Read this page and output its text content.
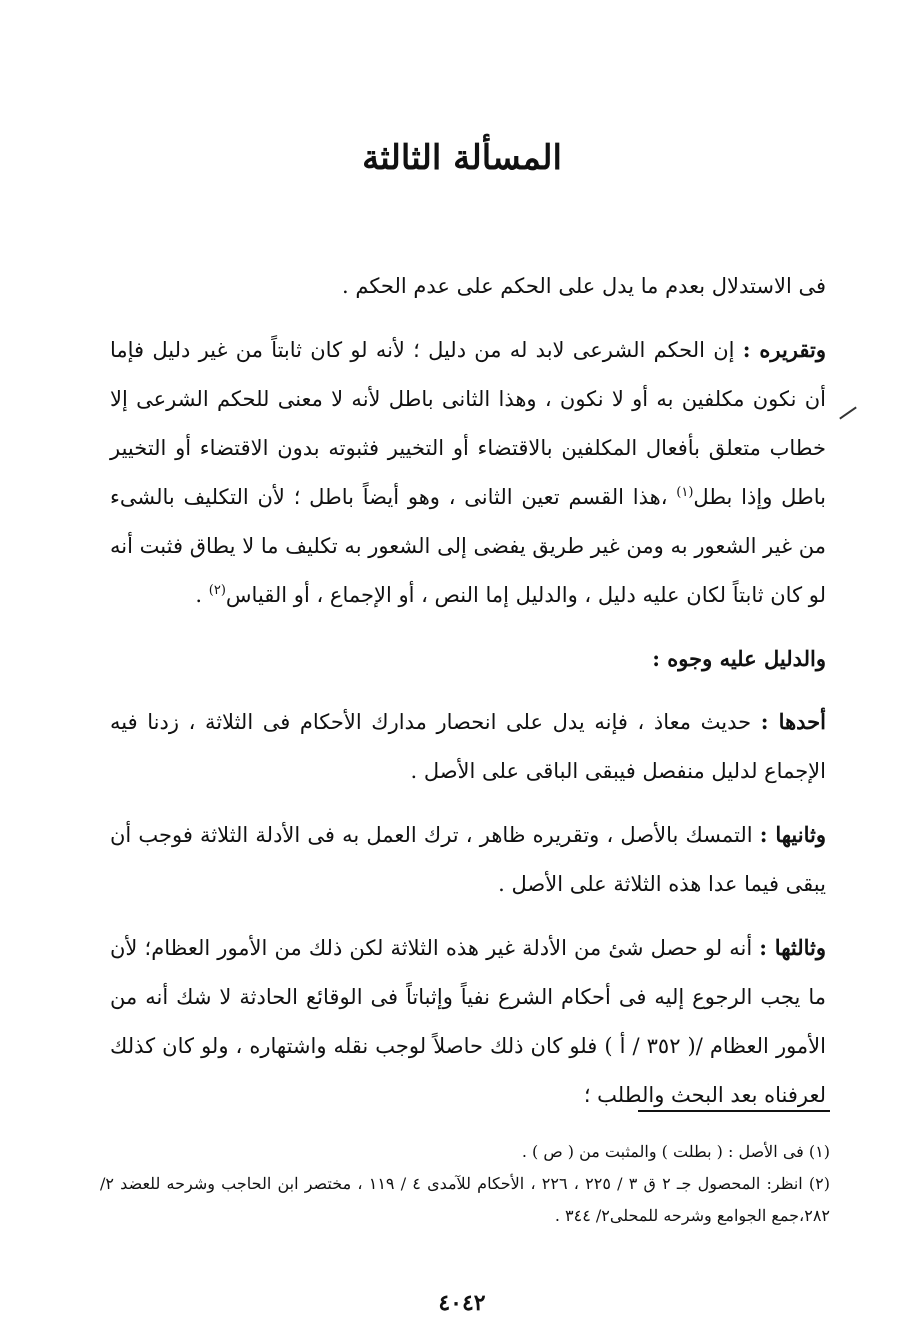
المسألة الثالثة

فى الاستدلال بعدم ما يدل على الحكم على عدم الحكم .

وتقريره : إن الحكم الشرعى لابد له من دليل ؛ لأنه لو كان ثابتاً من غير دليل فإما أن نكون مكلفين به أو لا نكون ، وهذا الثانى باطل لأنه لا معنى للحكم الشرعى إلا خطاب متعلق بأفعال المكلفين بالاقتضاء أو التخيير فثبوته بدون الاقتضاء أو التخيير باطل وإذا بطل$^{(١)}$ ،هذا القسم تعين الثانى ، وهو أيضاً باطل ؛ لأن التكليف بالشىء من غير الشعور به ومن غير طريق يفضى إلى الشعور به تكليف ما لا يطاق فثبت أنه لو كان ثابتاً لكان عليه دليل ، والدليل إما النص ، أو الإجماع ، أو القياس$^{(٢)}$ .

والدليل عليه وجوه :

أحدها : حديث معاذ ، فإنه يدل على انحصار مدارك الأحكام فى الثلاثة ، زدنا فيه الإجماع لدليل منفصل فيبقى الباقى على الأصل .

وثانيها : التمسك بالأصل ، وتقريره ظاهر ، ترك العمل به فى الأدلة الثلاثة فوجب أن يبقى فيما عدا هذه الثلاثة على الأصل .

وثالثها : أنه لو حصل شئ من الأدلة غير هذه الثلاثة لكن ذلك من الأمور العظام؛ لأن ما يجب الرجوع إليه فى أحكام الشرع نفياً وإثباتاً فى الوقائع الحادثة لا شك أنه من الأمور العظام /( ٣٥٢ / أ ) فلو كان ذلك حاصلاً لوجب نقله واشتهاره ، ولو كان كذلك لعرفناه بعد البحث والطلب ؛

(١) فى الأصل : ( بطلت ) والمثبت من ( ص ) .

(٢) انظر: المحصول جـ ٢ ق ٣ / ٢٢٥ ، ٢٢٦ ، الأحكام للآمدى ٤ / ١١٩ ، مختصر ابن الحاجب وشرحه للعضد ٢/ ٢٨٢،جمع الجوامع وشرحه للمحلى٢/ ٣٤٤ .

٤٠٤٢
